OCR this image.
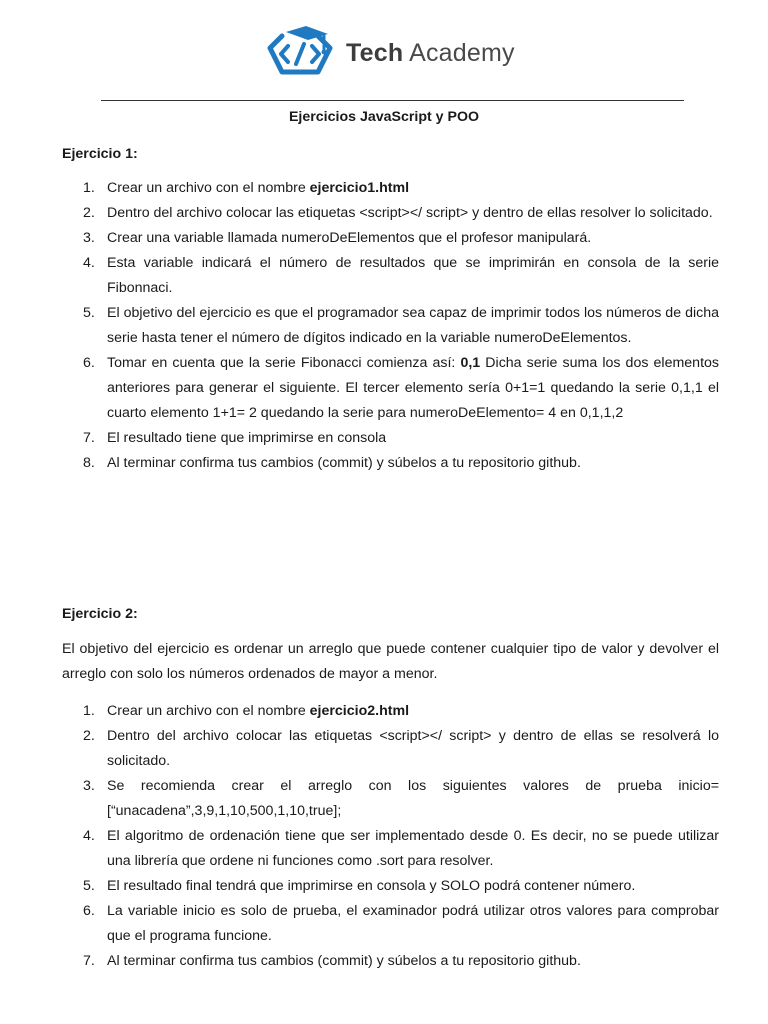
Tech Academy
Ejercicios JavaScript y POO
Ejercicio 1:
1. Crear un archivo con el nombre ejercicio1.html
2. Dentro del archivo colocar las etiquetas <script></ script> y dentro de ellas resolver lo solicitado.
3. Crear una variable llamada numeroDeElementos que el profesor manipulará.
4. Esta variable indicará el número de resultados que se imprimirán en consola de la serie Fibonnaci.
5. El objetivo del ejercicio es que el programador sea capaz de imprimir todos los números de dicha serie hasta tener el número de dígitos indicado en la variable numeroDeElementos.
6. Tomar en cuenta que la serie Fibonacci comienza así: 0,1 Dicha serie suma los dos elementos anteriores para generar el siguiente. El tercer elemento sería 0+1=1 quedando la serie 0,1,1 el cuarto elemento 1+1= 2 quedando la serie para numeroDeElemento= 4 en 0,1,1,2
7. El resultado tiene que imprimirse en consola
8. Al terminar confirma tus cambios (commit) y súbelos a tu repositorio github.
Ejercicio 2:
El objetivo del ejercicio es ordenar un arreglo que puede contener cualquier tipo de valor y devolver el arreglo con solo los números ordenados de mayor a menor.
1. Crear un archivo con el nombre ejercicio2.html
2. Dentro del archivo colocar las etiquetas <script></ script> y dentro de ellas se resolverá lo solicitado.
3. Se recomienda crear el arreglo con los siguientes valores de prueba inicio=[“unacadena”,3,9,1,10,500,1,10,true];
4. El algoritmo de ordenación tiene que ser implementado desde 0. Es decir, no se puede utilizar una librería que ordene ni funciones como .sort para resolver.
5. El resultado final tendrá que imprimirse en consola y SOLO podrá contener número.
6. La variable inicio es solo de prueba, el examinador podrá utilizar otros valores para comprobar que el programa funcione.
7. Al terminar confirma tus cambios (commit) y súbelos a tu repositorio github.
